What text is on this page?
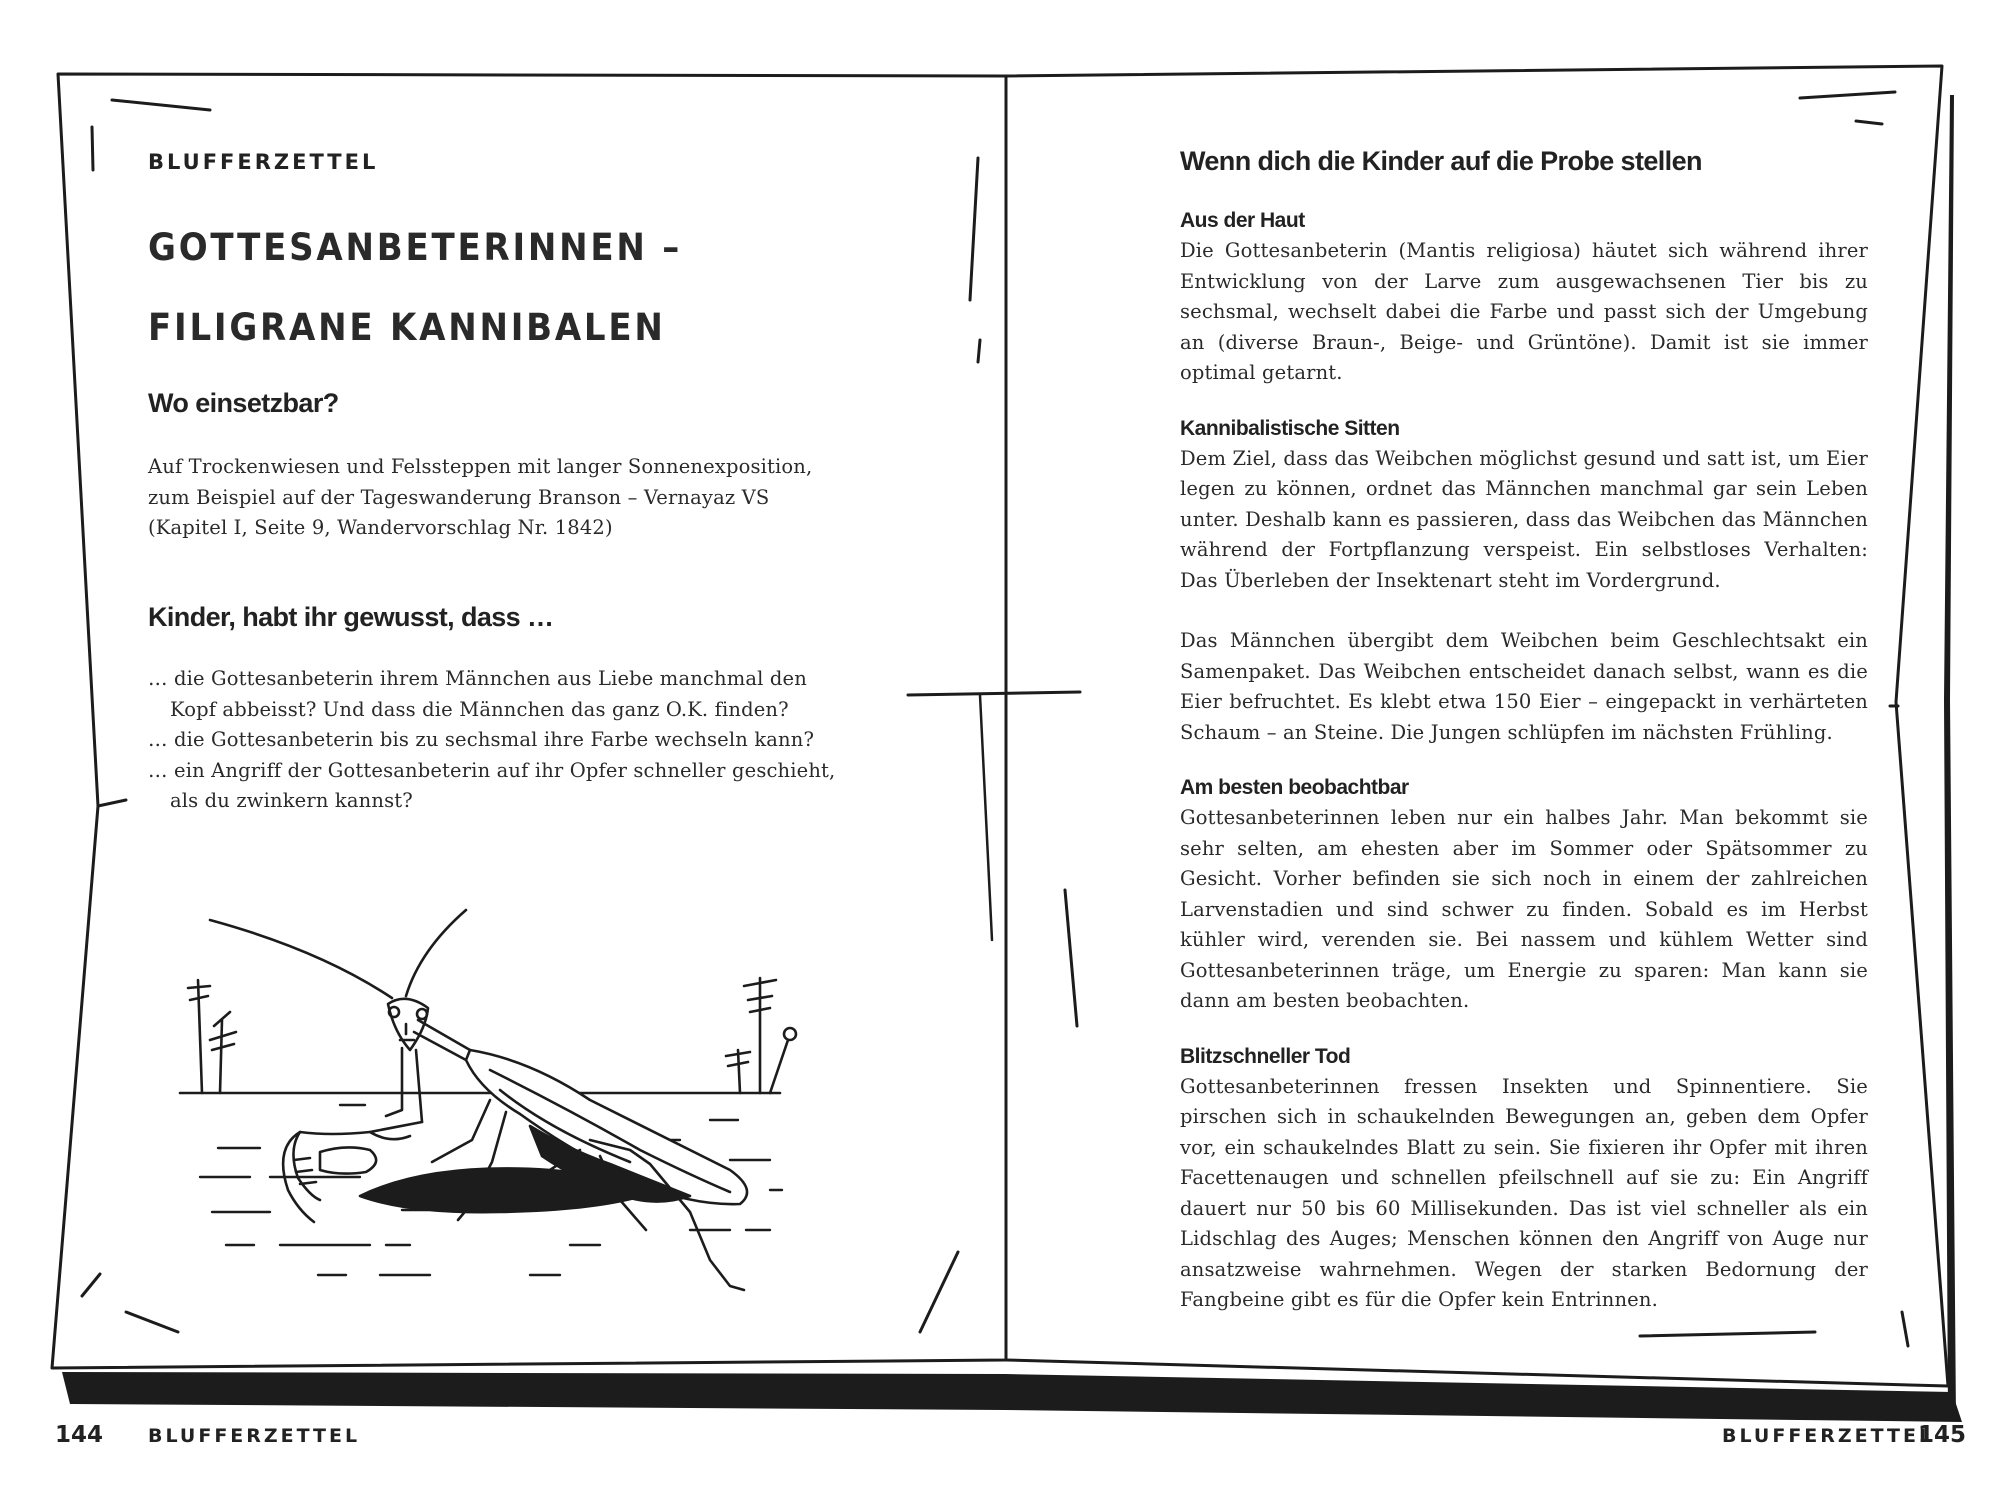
BLUFFERZETTEL
GOTTESANBETERINNEN –
FILIGRANE KANNIBALEN
Wo einsetzbar?

Auf Trockenwiesen und Felssteppen mit langer Sonnenexposition, zum Beispiel auf der Tageswanderung Branson – Vernayaz VS (Kapitel I, Seite 9, Wandervorschlag Nr. 1842)

Kinder, habt ihr gewusst, dass …
… die Gottesanbeterin ihrem Männchen aus Liebe manchmal den Kopf abbeisst? Und dass die Männchen das ganz O.K. finden?
… die Gottesanbeterin bis zu sechsmal ihre Farbe wechseln kann?
… ein Angriff der Gottesanbeterin auf ihr Opfer schneller geschieht, als du zwinkern kannst?
Wenn dich die Kinder auf die Probe stellen
Aus der Haut

Die Gottesanbeterin (Mantis religiosa) häutet sich während ihrer Entwicklung von der Larve zum ausgewachsenen Tier bis zu sechsmal, wechselt dabei die Farbe und passt sich der Umgebung an (diverse Braun-, Beige- und Grüntöne). Damit ist sie immer optimal getarnt.

Kannibalistische Sitten

Dem Ziel, dass das Weibchen möglichst gesund und satt ist, um Eier legen zu können, ordnet das Männchen manchmal gar sein Leben unter. Deshalb kann es passieren, dass das Weibchen das Männchen während der Fortpflanzung verspeist. Ein selbstloses Verhalten: Das Überleben der Insektenart steht im Vordergrund.

Das Männchen übergibt dem Weibchen beim Geschlechtsakt ein Samenpaket. Das Weibchen entscheidet danach selbst, wann es die Eier befruchtet. Es klebt etwa 150 Eier – eingepackt in verhärteten Schaum – an Steine. Die Jungen schlüpfen im nächsten Frühling.

Am besten beobachtbar

Gottesanbeterinnen leben nur ein halbes Jahr. Man bekommt sie sehr selten, am ehesten aber im Sommer oder Spätsommer zu Gesicht. Vorher befinden sie sich noch in einem der zahlreichen Larvenstadien und sind schwer zu finden. Sobald es im Herbst kühler wird, verenden sie. Bei nassem und kühlem Wetter sind Gottesanbeterinnen träge, um Energie zu sparen: Man kann sie dann am besten beobachten.

Blitzschneller Tod

Gottesanbeterinnen fressen Insekten und Spinnentiere. Sie pirschen sich in schaukelnden Bewegungen an, geben dem Opfer vor, ein schaukelndes Blatt zu sein. Sie fixieren ihr Opfer mit ihren Facettenaugen und schnellen pfeilschnell auf sie zu: Ein Angriff dauert nur 50 bis 60 Millisekunden. Das ist viel schneller als ein Lidschlag des Auges; Menschen können den Angriff von Auge nur ansatzweise wahrnehmen. Wegen der starken Bedornung der Fangbeine gibt es für die Opfer kein Entrinnen.

144 BLUFFERZETTEL	BLUFFERZETTEL
145
